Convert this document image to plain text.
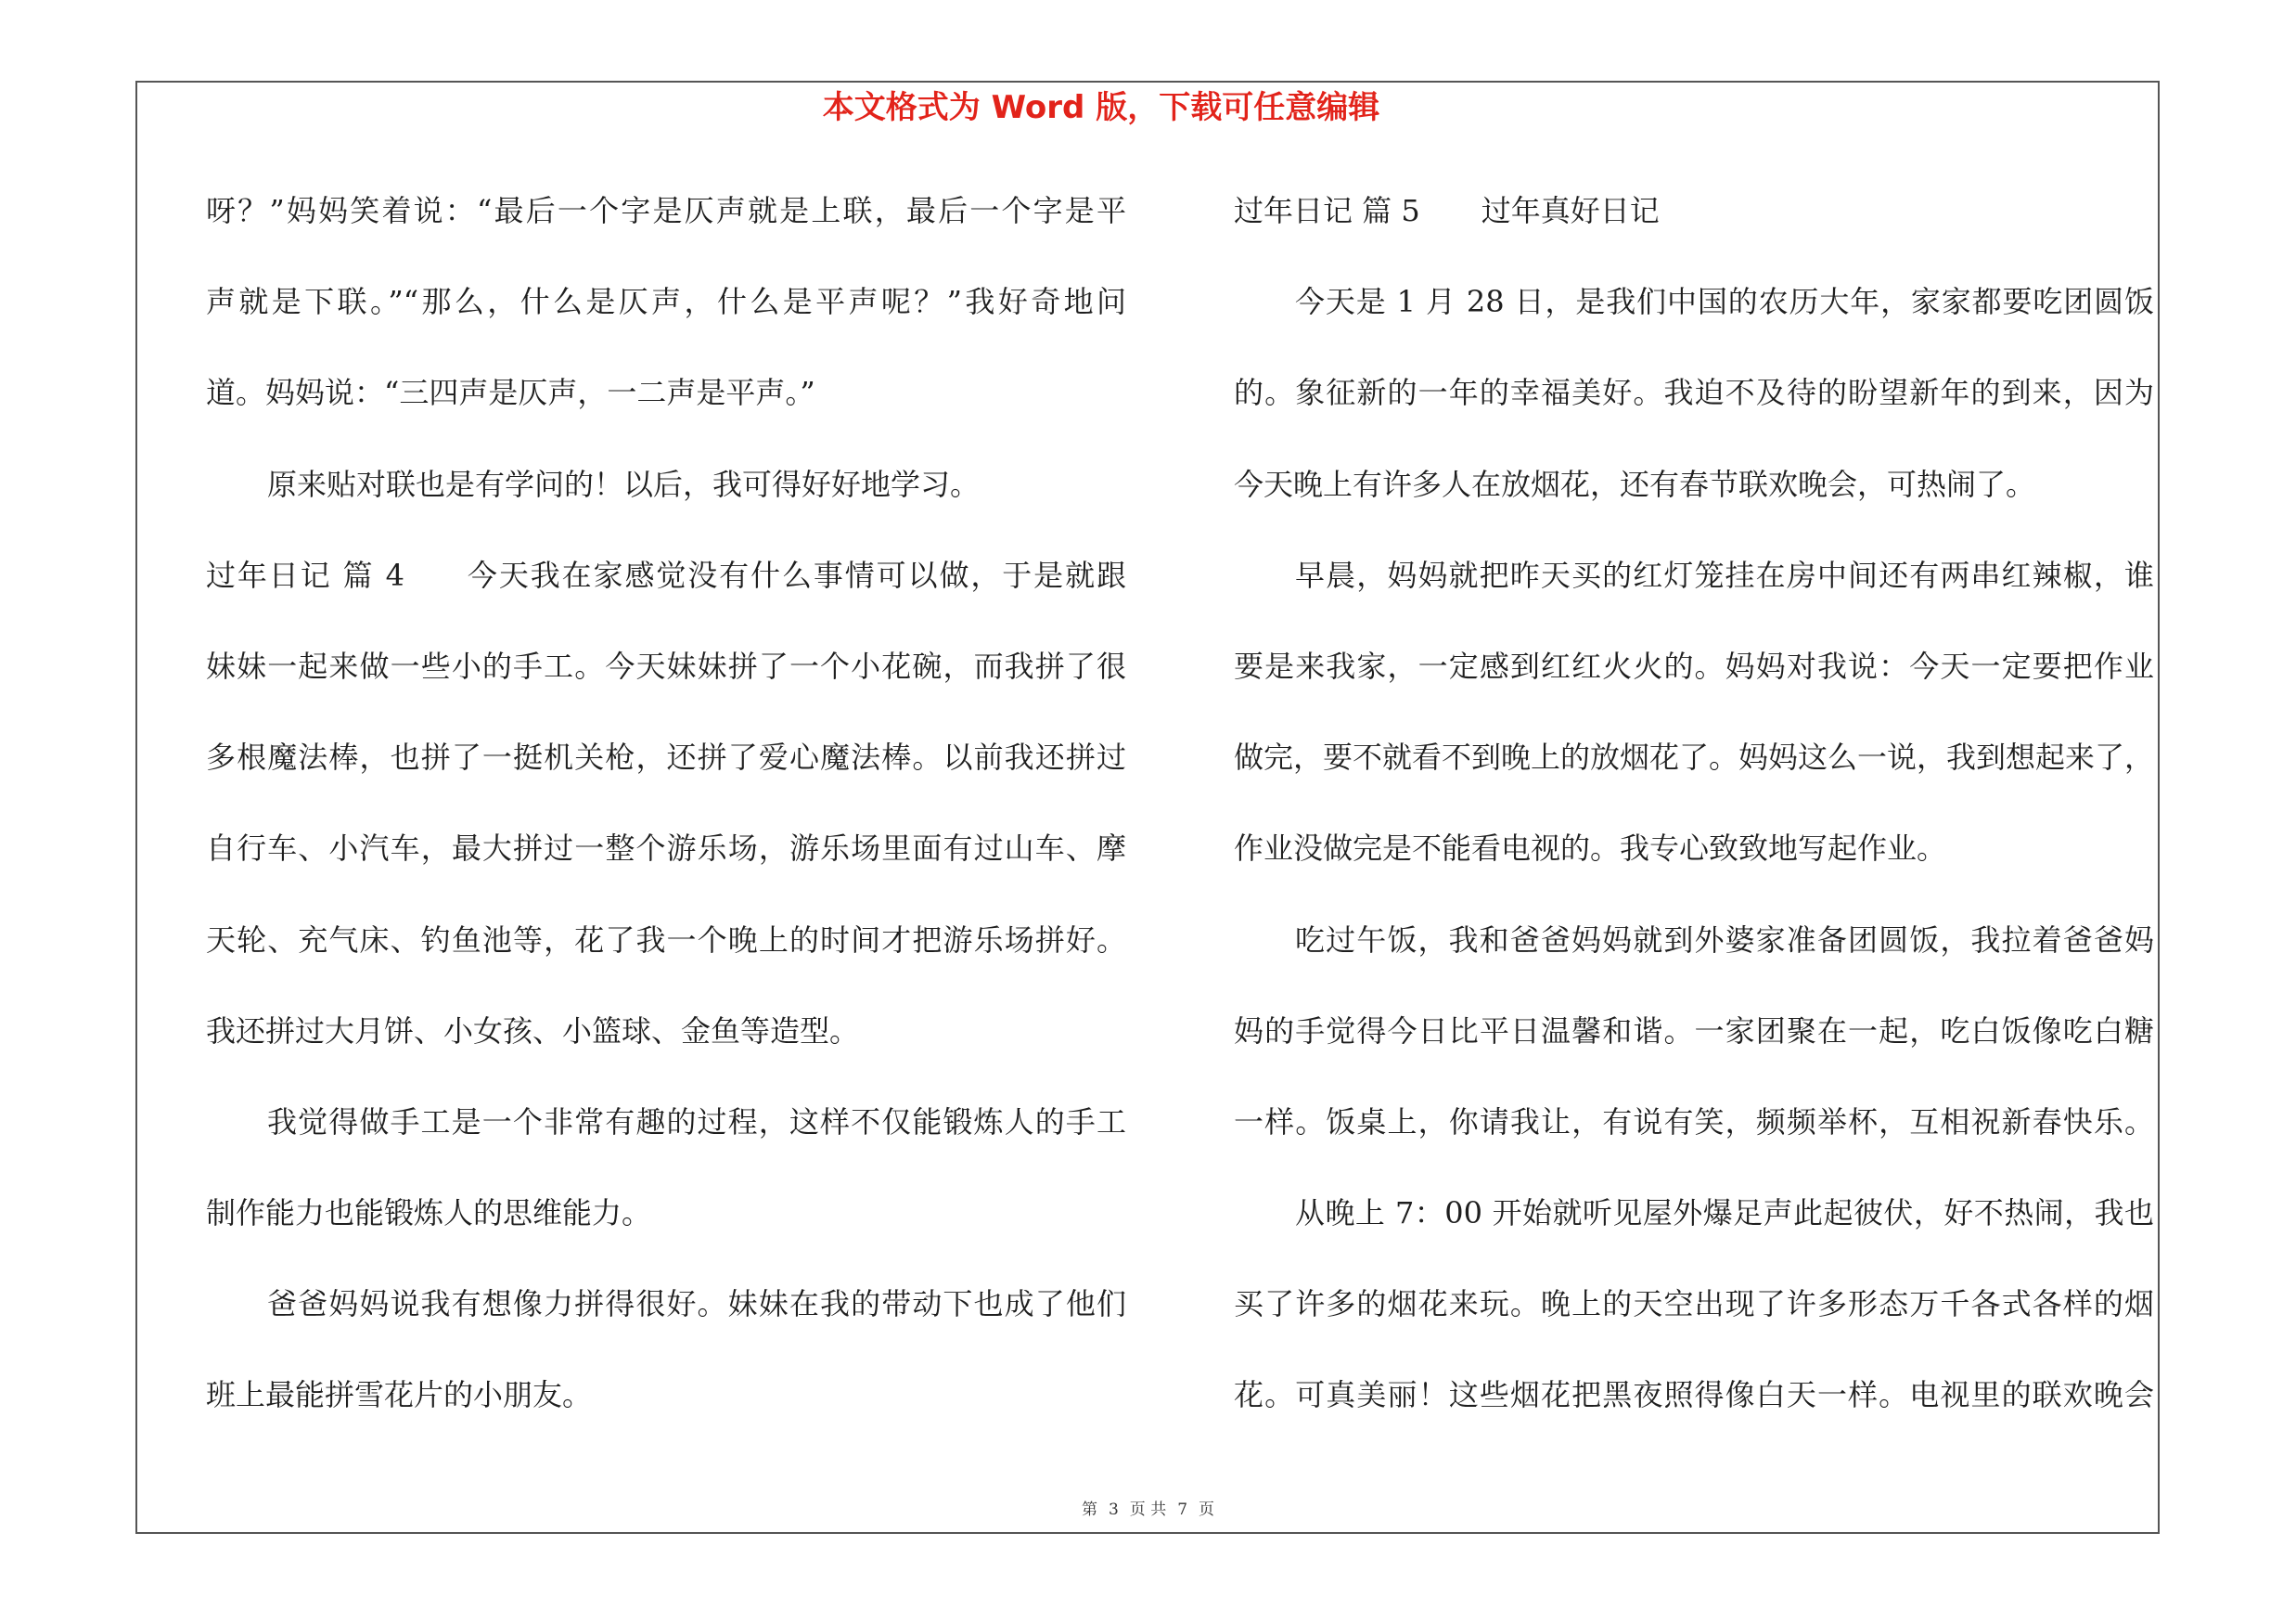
本文格式为 Word 版，下载可任意编辑
呀？”妈妈笑着说：“最后一个字是仄声就是上联，最后一个字是平
声就是下联。”“那么，什么是仄声，什么是平声呢？”我好奇地问
道。妈妈说：“三四声是仄声，一二声是平声。”
原来贴对联也是有学问的！以后，我可得好好地学习。
过年日记 篇 4 今天我在家感觉没有什么事情可以做，于是就跟
妹妹一起来做一些小的手工。今天妹妹拼了一个小花碗，而我拼了很
多根魔法棒，也拼了一挺机关枪，还拼了爱心魔法棒。以前我还拼过
自行车、小汽车，最大拼过一整个游乐场，游乐场里面有过山车、摩
天轮、充气床、钓鱼池等，花了我一个晚上的时间才把游乐场拼好。
我还拼过大月饼、小女孩、小篮球、金鱼等造型。
我觉得做手工是一个非常有趣的过程，这样不仅能锻炼人的手工
制作能力也能锻炼人的思维能力。
爸爸妈妈说我有想像力拼得很好。妹妹在我的带动下也成了他们
班上最能拼雪花片的小朋友。
过年日记 篇 5 过年真好日记
今天是 1 月 28 日，是我们中国的农历大年，家家都要吃团圆饭
的。象征新的一年的幸福美好。我迫不及待的盼望新年的到来，因为
今天晚上有许多人在放烟花，还有春节联欢晚会，可热闹了。
早晨，妈妈就把昨天买的红灯笼挂在房中间还有两串红辣椒，谁
要是来我家，一定感到红红火火的。妈妈对我说：今天一定要把作业
做完，要不就看不到晚上的放烟花了。妈妈这么一说，我到想起来了，
作业没做完是不能看电视的。我专心致致地写起作业。
吃过午饭，我和爸爸妈妈就到外婆家准备团圆饭，我拉着爸爸妈
妈的手觉得今日比平日温馨和谐。一家团聚在一起，吃白饭像吃白糖
一样。饭桌上，你请我让，有说有笑，频频举杯，互相祝新春快乐。
从晚上 7：00 开始就听见屋外爆足声此起彼伏，好不热闹，我也
买了许多的烟花来玩。晚上的天空出现了许多形态万千各式各样的烟
花。可真美丽！这些烟花把黑夜照得像白天一样。电视里的联欢晚会
第 3 页 共 7 页
